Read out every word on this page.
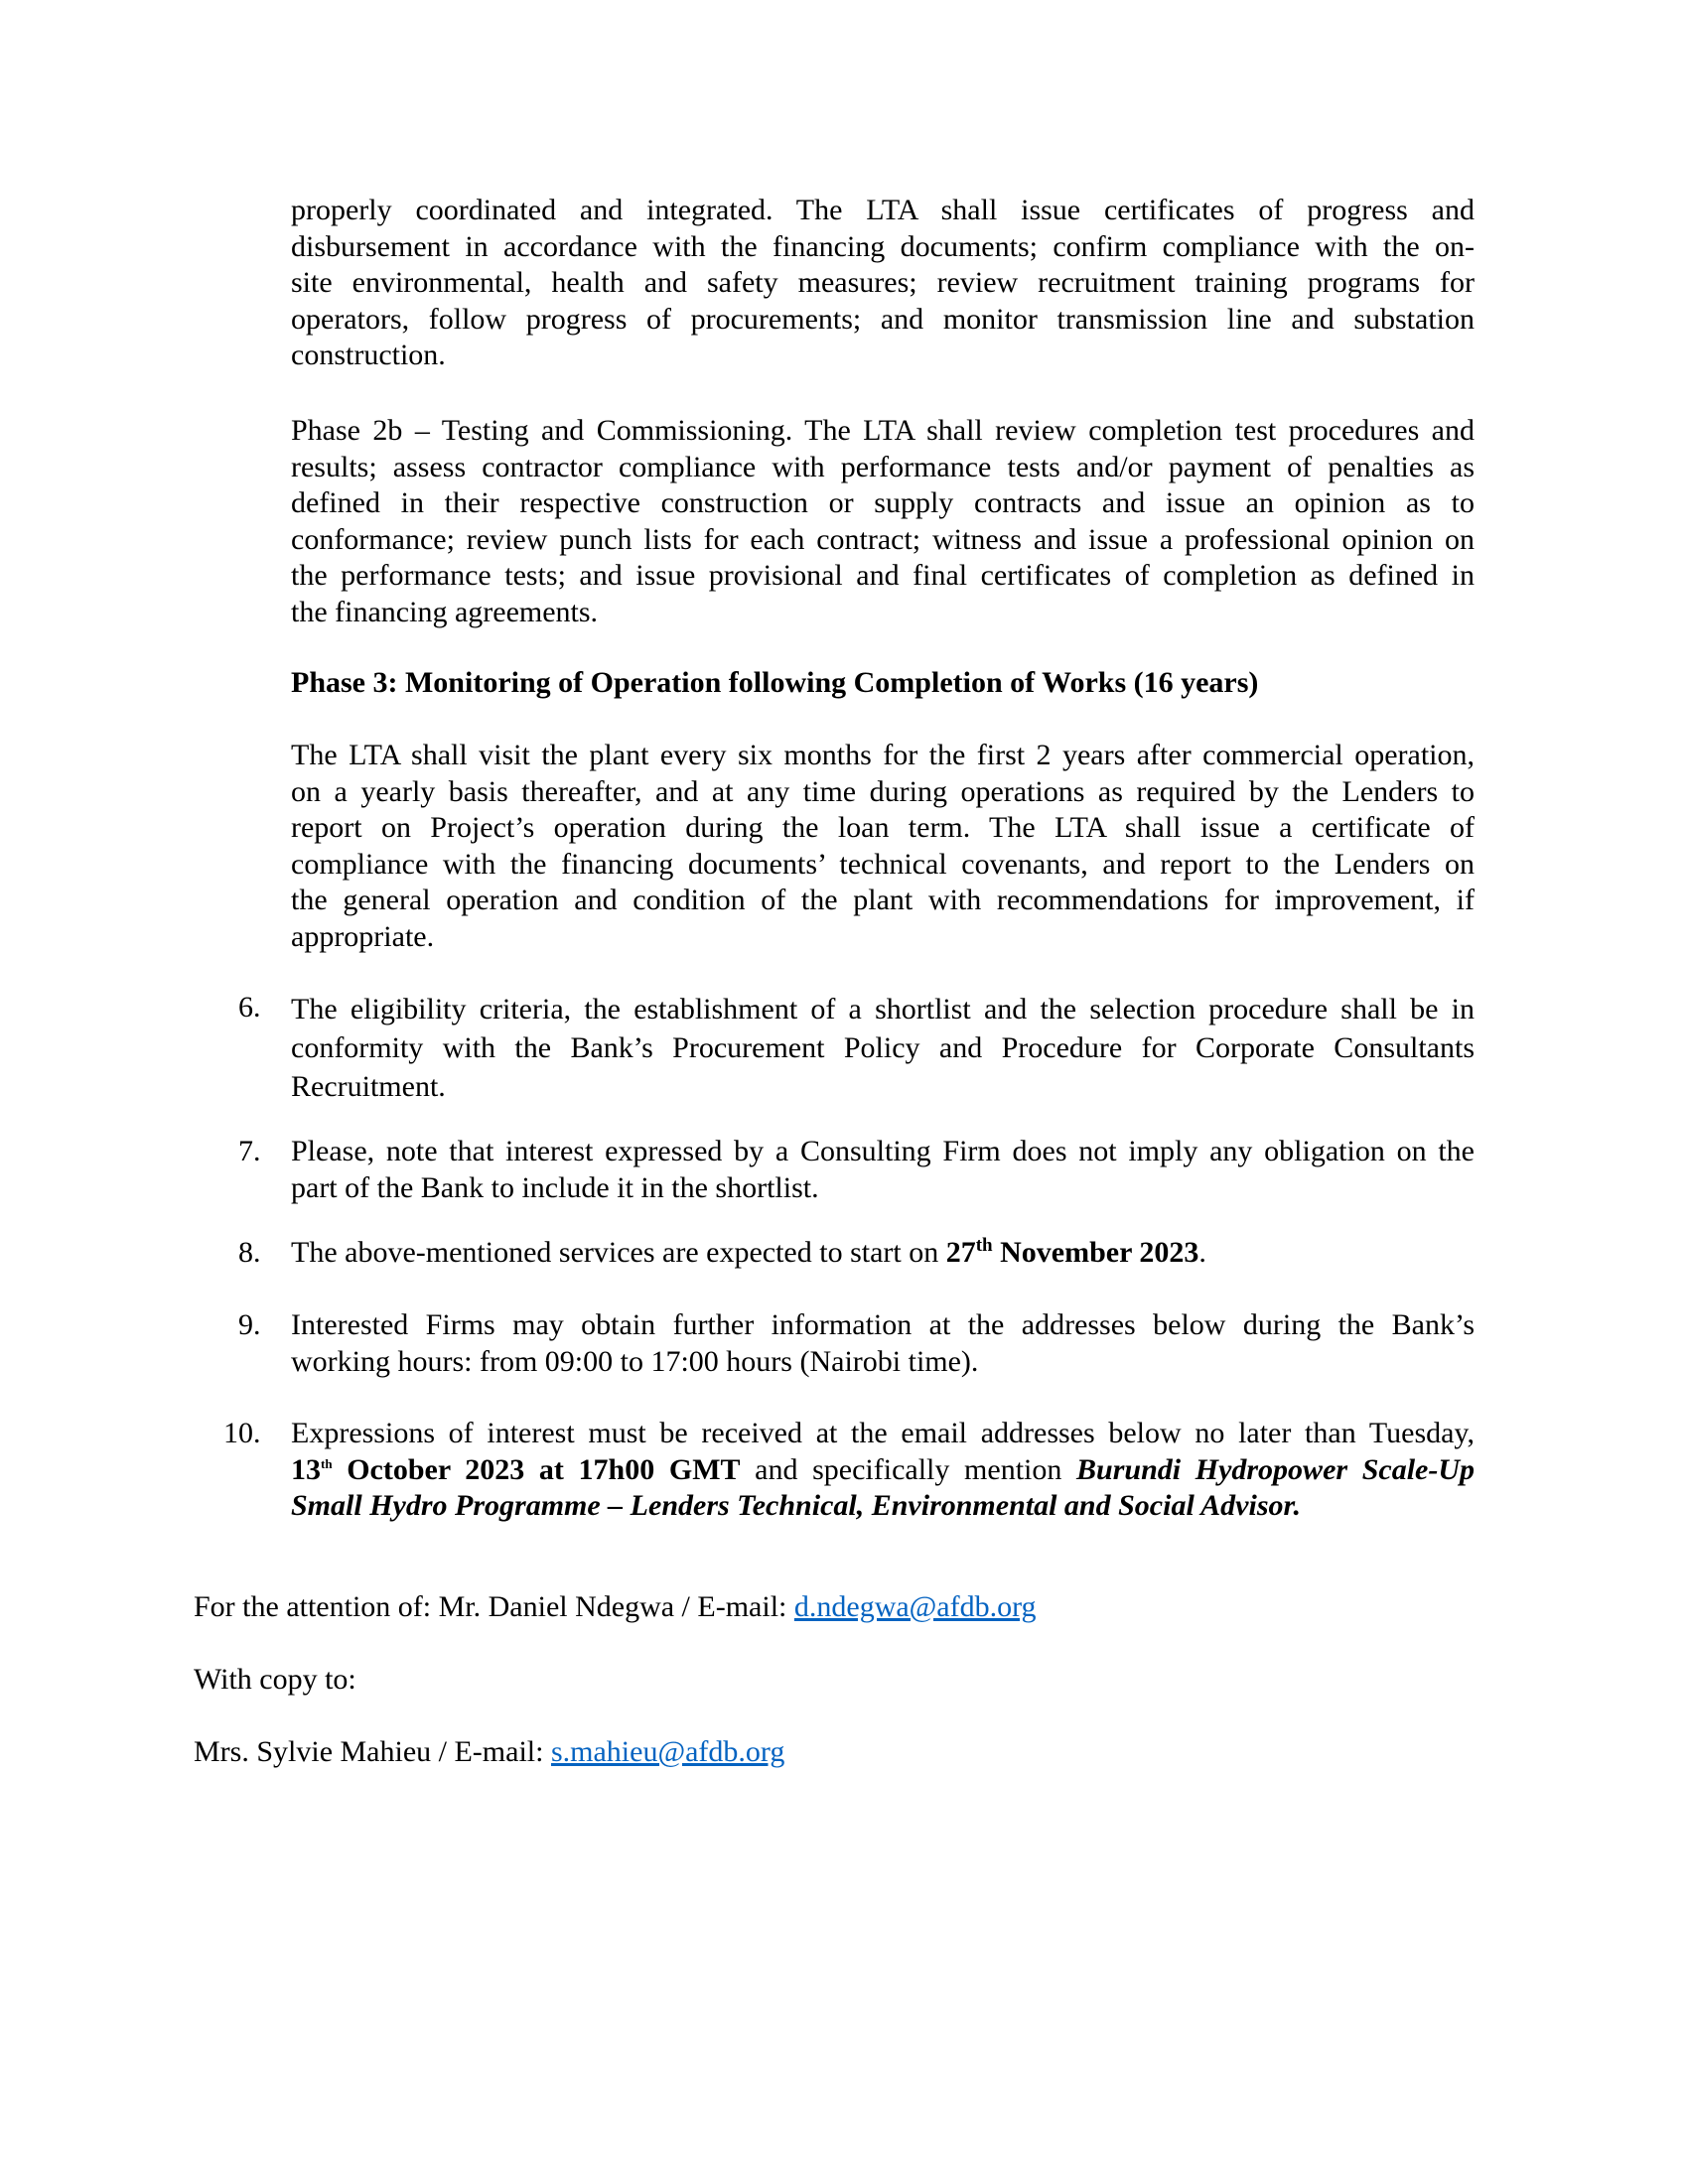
properly coordinated and integrated. The LTA shall issue certificates of progress and
disbursement in accordance with the financing documents; confirm compliance with the on-
site environmental, health and safety measures; review recruitment training programs for
operators, follow progress of procurements; and monitor transmission line and substation
construction.
Phase 2b – Testing and Commissioning. The LTA shall review completion test procedures and
results; assess contractor compliance with performance tests and/or payment of penalties as
defined in their respective construction or supply contracts and issue an opinion as to
conformance; review punch lists for each contract; witness and issue a professional opinion on
the performance tests; and issue provisional and final certificates of completion as defined in
the financing agreements.
Phase 3: Monitoring of Operation following Completion of Works (16 years)
The LTA shall visit the plant every six months for the first 2 years after commercial operation,
on a yearly basis thereafter, and at any time during operations as required by the Lenders to
report on Project’s operation during the loan term. The LTA shall issue a certificate of
compliance with the financing documents’ technical covenants, and report to the Lenders on
the general operation and condition of the plant with recommendations for improvement, if
appropriate.
6.	The eligibility criteria, the establishment of a shortlist and the selection procedure shall be in
conformity with the Bank’s Procurement Policy and Procedure for Corporate Consultants
Recruitment.
7.	Please, note that interest expressed by a Consulting Firm does not imply any obligation on the
part of the Bank to include it in the shortlist.
8.	The above-mentioned services are expected to start on 27th November 2023.
9.	Interested Firms may obtain further information at the addresses below during the Bank’s
working hours: from 09:00 to 17:00 hours (Nairobi time).
10.	Expressions of interest must be received at the email addresses below no later than Tuesday,
13th October 2023 at 17h00 GMT and specifically mention Burundi Hydropower Scale-Up
Small Hydro Programme – Lenders Technical, Environmental and Social Advisor.
For the attention of: Mr. Daniel Ndegwa / E-mail: d.ndegwa@afdb.org
With copy to:
Mrs. Sylvie Mahieu / E-mail: s.mahieu@afdb.org
